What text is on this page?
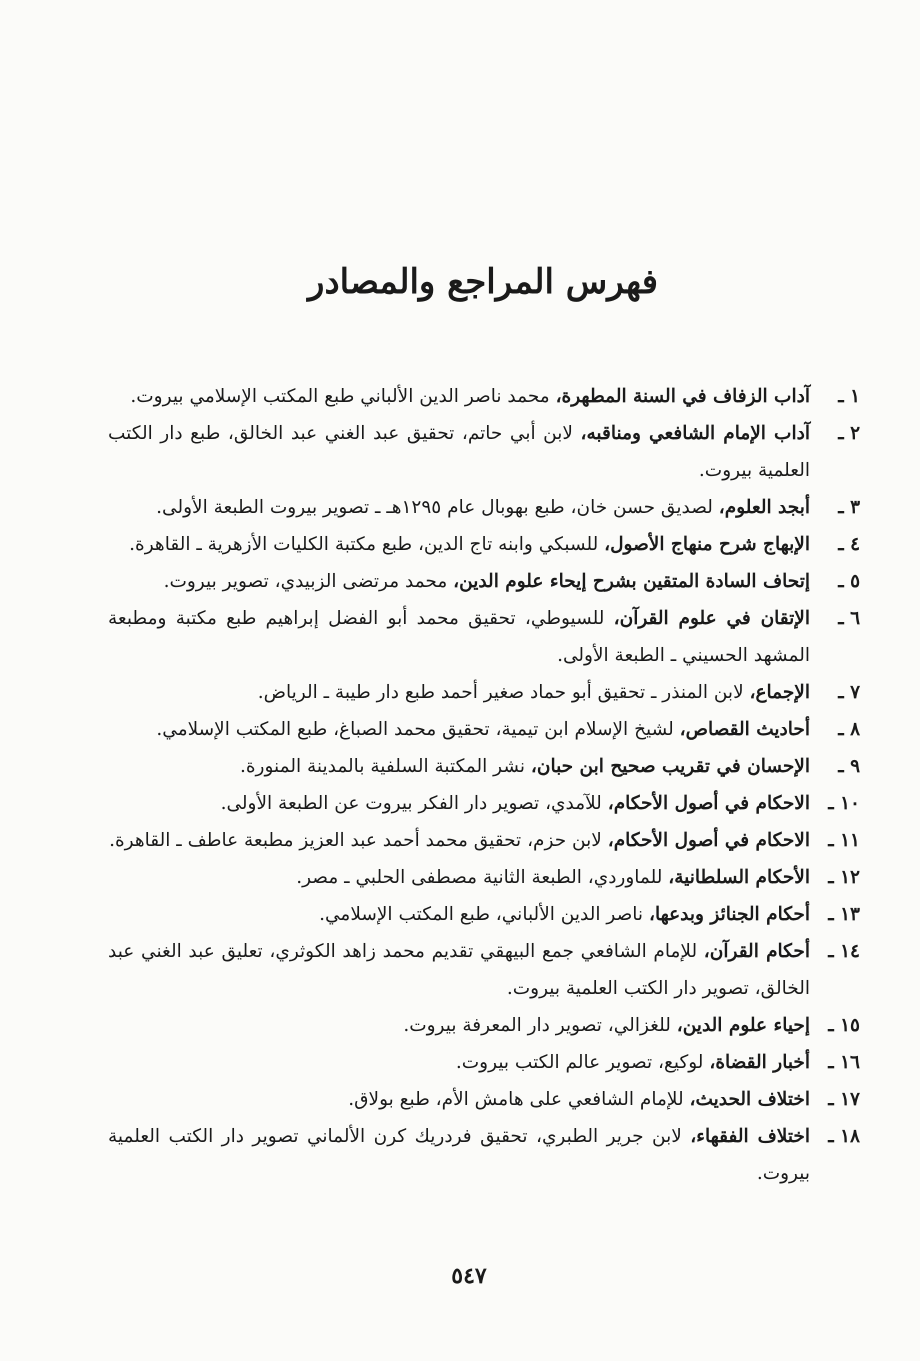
فهرس المراجع والمصادر
١ ـ
آداب الزفاف في السنة المطهرة، محمد ناصر الدين الألباني طبع المكتب الإسلامي بيروت.
٢ ـ
آداب الإمام الشافعي ومناقبه، لابن أبي حاتم، تحقيق عبد الغني عبد الخالق، طبع دار الكتب العلمية بيروت.
٣ ـ
أبجد العلوم، لصديق حسن خان، طبع بهوبال عام ١٢٩٥هـ ـ تصوير بيروت الطبعة الأولى.
٤ ـ
الإبهاج شرح منهاج الأصول، للسبكي وابنه تاج الدين، طبع مكتبة الكليات الأزهرية ـ القاهرة.
٥ ـ
إتحاف السادة المتقين بشرح إيحاء علوم الدين، محمد مرتضى الزبيدي، تصوير بيروت.
٦ ـ
الإتقان في علوم القرآن، للسيوطي، تحقيق محمد أبو الفضل إبراهيم طبع مكتبة ومطبعة المشهد الحسيني ـ الطبعة الأولى.
٧ ـ
الإجماع، لابن المنذر ـ تحقيق أبو حماد صغير أحمد طبع دار طيبة ـ الرياض.
٨ ـ
أحاديث القصاص، لشيخ الإسلام ابن تيمية، تحقيق محمد الصباغ، طبع المكتب الإسلامي.
٩ ـ
الإحسان في تقريب صحيح ابن حبان، نشر المكتبة السلفية بالمدينة المنورة.
١٠ ـ
الاحكام في أصول الأحكام، للآمدي، تصوير دار الفكر بيروت عن الطبعة الأولى.
١١ ـ
الاحكام في أصول الأحكام، لابن حزم، تحقيق محمد أحمد عبد العزيز مطبعة عاطف ـ القاهرة.
١٢ ـ
الأحكام السلطانية، للماوردي، الطبعة الثانية مصطفى الحلبي ـ مصر.
١٣ ـ
أحكام الجنائز وبدعها، ناصر الدين الألباني، طبع المكتب الإسلامي.
١٤ ـ
أحكام القرآن، للإمام الشافعي جمع البيهقي تقديم محمد زاهد الكوثري، تعليق عبد الغني عبد الخالق، تصوير دار الكتب العلمية بيروت.
١٥ ـ
إحياء علوم الدين، للغزالي، تصوير دار المعرفة بيروت.
١٦ ـ
أخبار القضاة، لوكيع، تصوير عالم الكتب بيروت.
١٧ ـ
اختلاف الحديث، للإمام الشافعي على هامش الأم، طبع بولاق.
١٨ ـ
اختلاف الفقهاء، لابن جرير الطبري، تحقيق فردريك كرن الألماني تصوير دار الكتب العلمية بيروت.
٥٤٧
